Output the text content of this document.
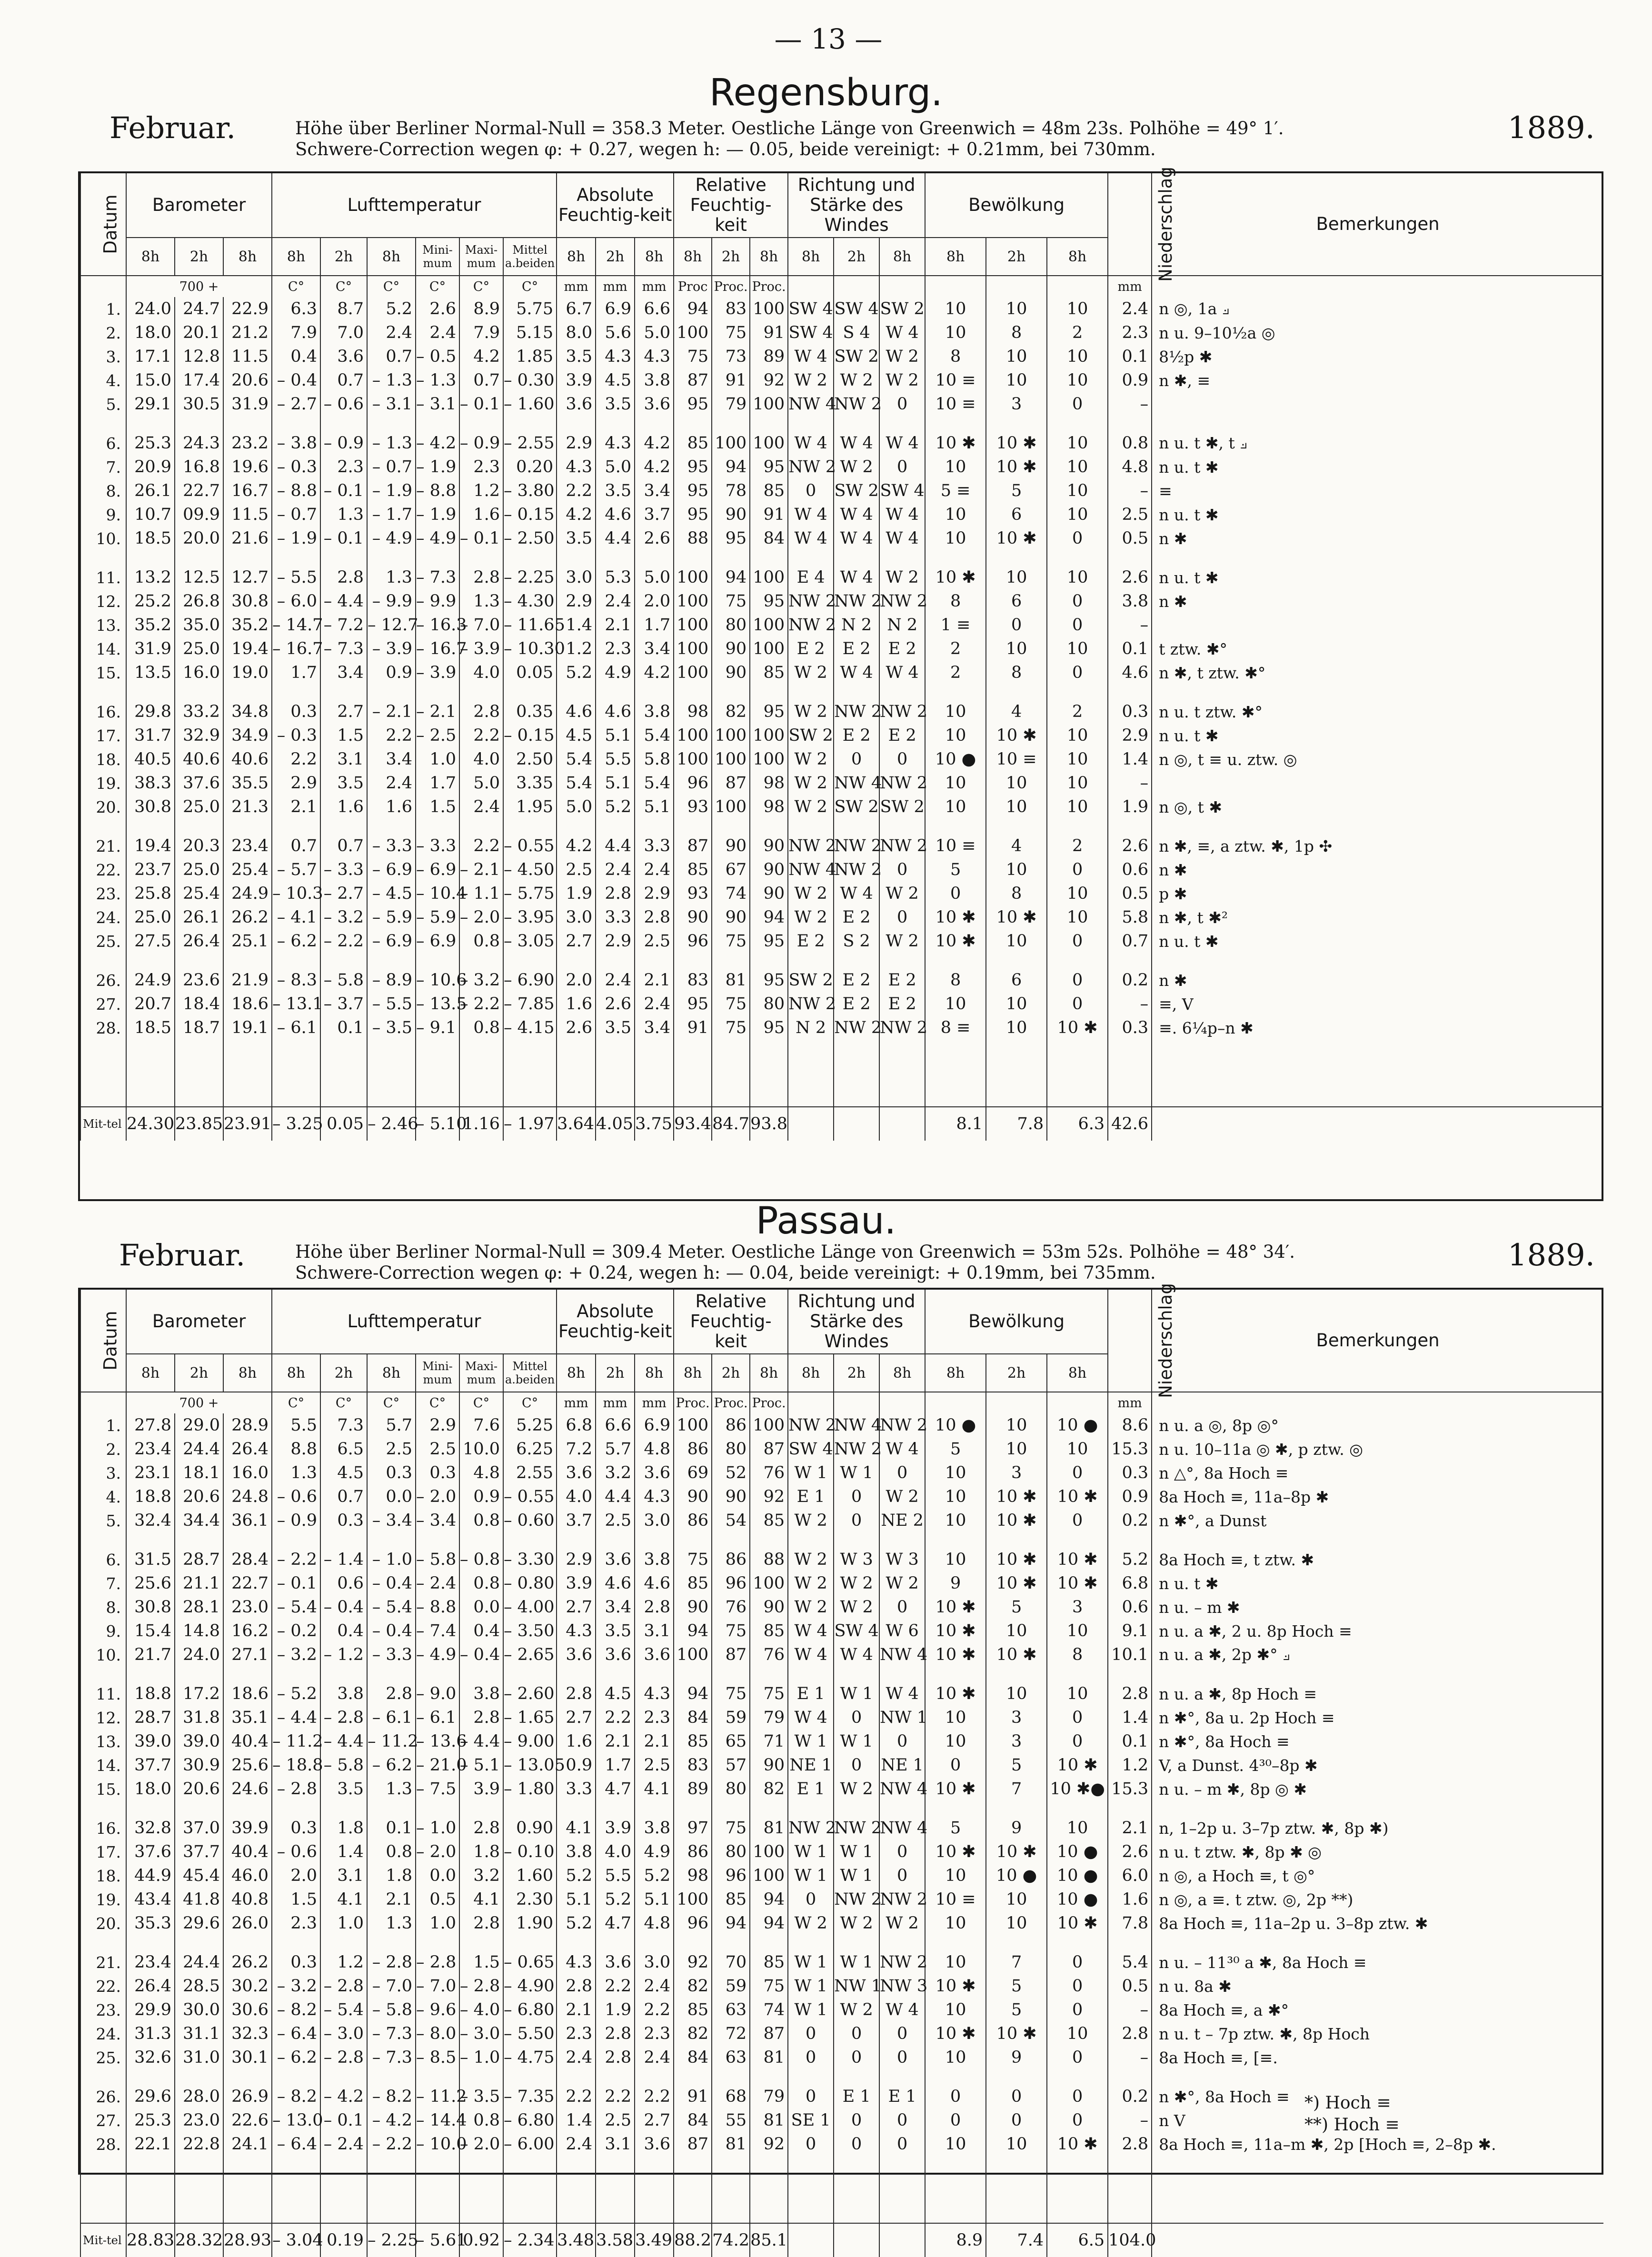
— 13 —
Regensburg.
Februar.	1889.
Höhe über Berliner Normal-Null = 358.3 Meter. Oestliche Länge von Greenwich = 48m 23s. Polhöhe = 49° 1′.
Schwere-Correction wegen φ: + 0.27, wegen h: — 0.05, beide vereinigt: + 0.21mm, bei 730mm.
Datum	Barometer			Lufttemperatur						Absolute Feuchtig-keit			Relative Feuchtig-keit			Richtung und Stärke des Windes			Bewölkung			Niederschlag	Bemerkungen
	8h	2h	8h	8h	2h	8h	Mini-mum	Maxi-mum	Mittel a.beiden	8h	2h	8h	8h	2h	8h	8h	2h	8h	8h	2h	8h		
	700 +			C°	C°	C°	C°	C°	C°	mm	mm	mm	Proc	Proc.	Proc.							mm	
1.	24.0	24.7	22.9	6.3	8.7	5.2	2.6	8.9	5.75	6.7	6.9	6.6	94	83	100	SW 4	SW 4	SW 2	10	10	10	2.4	n ◎, 1a ⟓
2.	18.0	20.1	21.2	7.9	7.0	2.4	2.4	7.9	5.15	8.0	5.6	5.0	100	75	91	SW 4	S 4	W 4	10	8	2	2.3	n u. 9–10½a ◎
3.	17.1	12.8	11.5	0.4	3.6	0.7	– 0.5	4.2	1.85	3.5	4.3	4.3	75	73	89	W 4	SW 2	W 2	8	10	10	0.1	8½p ✱
4.	15.0	17.4	20.6	– 0.4	0.7	– 1.3	– 1.3	0.7	– 0.30	3.9	4.5	3.8	87	91	92	W 2	W 2	W 2	10 ≡	10	10	0.9	n ✱, ≡
5.	29.1	30.5	31.9	– 2.7	– 0.6	– 3.1	– 3.1	– 0.1	– 1.60	3.6	3.5	3.6	95	79	100	NW 4	NW 2	0	10 ≡	3	0	–	

6.	25.3	24.3	23.2	– 3.8	– 0.9	– 1.3	– 4.2	– 0.9	– 2.55	2.9	4.3	4.2	85	100	100	W 4	W 4	W 4	10 ✱	10 ✱	10	0.8	n u. t ✱, t ⟓
7.	20.9	16.8	19.6	– 0.3	2.3	– 0.7	– 1.9	2.3	0.20	4.3	5.0	4.2	95	94	95	NW 2	W 2	0	10	10 ✱	10	4.8	n u. t ✱
8.	26.1	22.7	16.7	– 8.8	– 0.1	– 1.9	– 8.8	1.2	– 3.80	2.2	3.5	3.4	95	78	85	0	SW 2	SW 4	5 ≡	5	10	–	≡
9.	10.7	09.9	11.5	– 0.7	1.3	– 1.7	– 1.9	1.6	– 0.15	4.2	4.6	3.7	95	90	91	W 4	W 4	W 4	10	6	10	2.5	n u. t ✱
10.	18.5	20.0	21.6	– 1.9	– 0.1	– 4.9	– 4.9	– 0.1	– 2.50	3.5	4.4	2.6	88	95	84	W 4	W 4	W 4	10	10 ✱	0	0.5	n ✱

11.	13.2	12.5	12.7	– 5.5	2.8	1.3	– 7.3	2.8	– 2.25	3.0	5.3	5.0	100	94	100	E 4	W 4	W 2	10 ✱	10	10	2.6	n u. t ✱
12.	25.2	26.8	30.8	– 6.0	– 4.4	– 9.9	– 9.9	1.3	– 4.30	2.9	2.4	2.0	100	75	95	NW 2	NW 2	NW 2	8	6	0	3.8	n ✱
13.	35.2	35.0	35.2	– 14.7	– 7.2	– 12.7	– 16.3	– 7.0	– 11.65	1.4	2.1	1.7	100	80	100	NW 2	N 2	N 2	1 ≡	0	0	–	
14.	31.9	25.0	19.4	– 16.7	– 7.3	– 3.9	– 16.7	– 3.9	– 10.30	1.2	2.3	3.4	100	90	100	E 2	E 2	E 2	2	10	10	0.1	t ztw. ✱°
15.	13.5	16.0	19.0	1.7	3.4	0.9	– 3.9	4.0	0.05	5.2	4.9	4.2	100	90	85	W 2	W 4	W 4	2	8	0	4.6	n ✱, t ztw. ✱°

16.	29.8	33.2	34.8	0.3	2.7	– 2.1	– 2.1	2.8	0.35	4.6	4.6	3.8	98	82	95	W 2	NW 2	NW 2	10	4	2	0.3	n u. t ztw. ✱°
17.	31.7	32.9	34.9	– 0.3	1.5	2.2	– 2.5	2.2	– 0.15	4.5	5.1	5.4	100	100	100	SW 2	E 2	E 2	10	10 ✱	10	2.9	n u. t ✱
18.	40.5	40.6	40.6	2.2	3.1	3.4	1.0	4.0	2.50	5.4	5.5	5.8	100	100	100	W 2	0	0	10 ●	10 ≡	10	1.4	n ◎, t ≡ u. ztw. ◎
19.	38.3	37.6	35.5	2.9	3.5	2.4	1.7	5.0	3.35	5.4	5.1	5.4	96	87	98	W 2	NW 4	NW 2	10	10	10	–	
20.	30.8	25.0	21.3	2.1	1.6	1.6	1.5	2.4	1.95	5.0	5.2	5.1	93	100	98	W 2	SW 2	SW 2	10	10	10	1.9	n ◎, t ✱

21.	19.4	20.3	23.4	0.7	0.7	– 3.3	– 3.3	2.2	– 0.55	4.2	4.4	3.3	87	90	90	NW 2	NW 2	NW 2	10 ≡	4	2	2.6	n ✱, ≡, a ztw. ✱, 1p ✣
22.	23.7	25.0	25.4	– 5.7	– 3.3	– 6.9	– 6.9	– 2.1	– 4.50	2.5	2.4	2.4	85	67	90	NW 4	NW 2	0	5	10	0	0.6	n ✱
23.	25.8	25.4	24.9	– 10.3	– 2.7	– 4.5	– 10.4	– 1.1	– 5.75	1.9	2.8	2.9	93	74	90	W 2	W 4	W 2	0	8	10	0.5	p ✱
24.	25.0	26.1	26.2	– 4.1	– 3.2	– 5.9	– 5.9	– 2.0	– 3.95	3.0	3.3	2.8	90	90	94	W 2	E 2	0	10 ✱	10 ✱	10	5.8	n ✱, t ✱²
25.	27.5	26.4	25.1	– 6.2	– 2.2	– 6.9	– 6.9	0.8	– 3.05	2.7	2.9	2.5	96	75	95	E 2	S 2	W 2	10 ✱	10	0	0.7	n u. t ✱

26.	24.9	23.6	21.9	– 8.3	– 5.8	– 8.9	– 10.6	– 3.2	– 6.90	2.0	2.4	2.1	83	81	95	SW 2	E 2	E 2	8	6	0	0.2	n ✱
27.	20.7	18.4	18.6	– 13.1	– 3.7	– 5.5	– 13.5	– 2.2	– 7.85	1.6	2.6	2.4	95	75	80	NW 2	E 2	E 2	10	10	0	–	≡, V
28.	18.5	18.7	19.1	– 6.1	0.1	– 3.5	– 9.1	0.8	– 4.15	2.6	3.5	3.4	91	75	95	N 2	NW 2	NW 2	8 ≡	10	10 ✱	0.3	≡. 6¼p–n ✱

Mit-tel	24.30	23.85	23.91	– 3.25	0.05	– 2.46	– 5.10	1.16	– 1.97	3.64	4.05	3.75	93.4	84.7	93.8				8.1	7.8	6.3	42.6	
Passau.
Februar.	1889.
Höhe über Berliner Normal-Null = 309.4 Meter. Oestliche Länge von Greenwich = 53m 52s. Polhöhe = 48° 34′.
Schwere-Correction wegen φ: + 0.24, wegen h: — 0.04, beide vereinigt: + 0.19mm, bei 735mm.
Datum	Barometer			Lufttemperatur						Absolute Feuchtig-keit			Relative Feuchtig-keit			Richtung und Stärke des Windes			Bewölkung			Niederschlag	Bemerkungen
	8h	2h	8h	8h	2h	8h	Mini-mum	Maxi-mum	Mittel a.beiden	8h	2h	8h	8h	2h	8h	8h	2h	8h	8h	2h	8h		
	700 +			C°	C°	C°	C°	C°	C°	mm	mm	mm	Proc.	Proc.	Proc.							mm	
1.	27.8	29.0	28.9	5.5	7.3	5.7	2.9	7.6	5.25	6.8	6.6	6.9	100	86	100	NW 2	NW 4	NW 2	10 ●	10	10 ●	8.6	n u. a ◎, 8p ◎°
2.	23.4	24.4	26.4	8.8	6.5	2.5	2.5	10.0	6.25	7.2	5.7	4.8	86	80	87	SW 4	NW 2	W 4	5	10	10	15.3	n u. 10–11a ◎ ✱, p ztw. ◎
3.	23.1	18.1	16.0	1.3	4.5	0.3	0.3	4.8	2.55	3.6	3.2	3.6	69	52	76	W 1	W 1	0	10	3	0	0.3	n △°, 8a Hoch ≡
4.	18.8	20.6	24.8	– 0.6	0.7	0.0	– 2.0	0.9	– 0.55	4.0	4.4	4.3	90	90	92	E 1	0	W 2	10	10 ✱	10 ✱	0.9	8a Hoch ≡, 11a–8p ✱
5.	32.4	34.4	36.1	– 0.9	0.3	– 3.4	– 3.4	0.8	– 0.60	3.7	2.5	3.0	86	54	85	W 2	0	NE 2	10	10 ✱	0	0.2	n ✱°, a Dunst

6.	31.5	28.7	28.4	– 2.2	– 1.4	– 1.0	– 5.8	– 0.8	– 3.30	2.9	3.6	3.8	75	86	88	W 2	W 3	W 3	10	10 ✱	10 ✱	5.2	8a Hoch ≡, t ztw. ✱
7.	25.6	21.1	22.7	– 0.1	0.6	– 0.4	– 2.4	0.8	– 0.80	3.9	4.6	4.6	85	96	100	W 2	W 2	W 2	9	10 ✱	10 ✱	6.8	n u. t ✱
8.	30.8	28.1	23.0	– 5.4	– 0.4	– 5.4	– 8.8	0.0	– 4.00	2.7	3.4	2.8	90	76	90	W 2	W 2	0	10 ✱	5	3	0.6	n u. – m ✱
9.	15.4	14.8	16.2	– 0.2	0.4	– 0.4	– 7.4	0.4	– 3.50	4.3	3.5	3.1	94	75	85	W 4	SW 4	W 6	10 ✱	10	10	9.1	n u. a ✱, 2 u. 8p Hoch ≡
10.	21.7	24.0	27.1	– 3.2	– 1.2	– 3.3	– 4.9	– 0.4	– 2.65	3.6	3.6	3.6	100	87	76	W 4	W 4	NW 4	10 ✱	10 ✱	8	10.1	n u. a ✱, 2p ✱° ⟓

11.	18.8	17.2	18.6	– 5.2	3.8	2.8	– 9.0	3.8	– 2.60	2.8	4.5	4.3	94	75	75	E 1	W 1	W 4	10 ✱	10	10	2.8	n u. a ✱, 8p Hoch ≡
12.	28.7	31.8	35.1	– 4.4	– 2.8	– 6.1	– 6.1	2.8	– 1.65	2.7	2.2	2.3	84	59	79	W 4	0	NW 1	10	3	0	1.4	n ✱°, 8a u. 2p Hoch ≡
13.	39.0	39.0	40.4	– 11.2	– 4.4	– 11.2	– 13.6	– 4.4	– 9.00	1.6	2.1	2.1	85	65	71	W 1	W 1	0	10	3	0	0.1	n ✱°, 8a Hoch ≡
14.	37.7	30.9	25.6	– 18.8	– 5.8	– 6.2	– 21.0	– 5.1	– 13.05	0.9	1.7	2.5	83	57	90	NE 1	0	NE 1	0	5	10 ✱	1.2	V, a Dunst. 4³⁰–8p ✱
15.	18.0	20.6	24.6	– 2.8	3.5	1.3	– 7.5	3.9	– 1.80	3.3	4.7	4.1	89	80	82	E 1	W 2	NW 4	10 ✱	7	10 ✱●	15.3	n u. – m ✱, 8p ◎ ✱

16.	32.8	37.0	39.9	0.3	1.8	0.1	– 1.0	2.8	0.90	4.1	3.9	3.8	97	75	81	NW 2	NW 2	NW 4	5	9	10	2.1	n, 1–2p u. 3–7p ztw. ✱, 8p ✱)
17.	37.6	37.7	40.4	– 0.6	1.4	0.8	– 2.0	1.8	– 0.10	3.8	4.0	4.9	86	80	100	W 1	W 1	0	10 ✱	10 ✱	10 ●	2.6	n u. t ztw. ✱, 8p ✱ ◎
18.	44.9	45.4	46.0	2.0	3.1	1.8	0.0	3.2	1.60	5.2	5.5	5.2	98	96	100	W 1	W 1	0	10	10 ●	10 ●	6.0	n ◎, a Hoch ≡, t ◎°
19.	43.4	41.8	40.8	1.5	4.1	2.1	0.5	4.1	2.30	5.1	5.2	5.1	100	85	94	0	NW 2	NW 2	10 ≡	10	10 ●	1.6	n ◎, a ≡. t ztw. ◎, 2p **)
20.	35.3	29.6	26.0	2.3	1.0	1.3	1.0	2.8	1.90	5.2	4.7	4.8	96	94	94	W 2	W 2	W 2	10	10	10 ✱	7.8	8a Hoch ≡, 11a–2p u. 3–8p ztw. ✱

21.	23.4	24.4	26.2	0.3	1.2	– 2.8	– 2.8	1.5	– 0.65	4.3	3.6	3.0	92	70	85	W 1	W 1	NW 2	10	7	0	5.4	n u. – 11³⁰ a ✱, 8a Hoch ≡
22.	26.4	28.5	30.2	– 3.2	– 2.8	– 7.0	– 7.0	– 2.8	– 4.90	2.8	2.2	2.4	82	59	75	W 1	NW 1	NW 3	10 ✱	5	0	0.5	n u. 8a ✱
23.	29.9	30.0	30.6	– 8.2	– 5.4	– 5.8	– 9.6	– 4.0	– 6.80	2.1	1.9	2.2	85	63	74	W 1	W 2	W 4	10	5	0	–	8a Hoch ≡, a ✱°
24.	31.3	31.1	32.3	– 6.4	– 3.0	– 7.3	– 8.0	– 3.0	– 5.50	2.3	2.8	2.3	82	72	87	0	0	0	10 ✱	10 ✱	10	2.8	n u. t – 7p ztw. ✱, 8p Hoch
25.	32.6	31.0	30.1	– 6.2	– 2.8	– 7.3	– 8.5	– 1.0	– 4.75	2.4	2.8	2.4	84	63	81	0	0	0	10	9	0	–	8a Hoch ≡, [≡.

26.	29.6	28.0	26.9	– 8.2	– 4.2	– 8.2	– 11.2	– 3.5	– 7.35	2.2	2.2	2.2	91	68	79	0	E 1	E 1	0	0	0	0.2	n ✱°, 8a Hoch ≡
27.	25.3	23.0	22.6	– 13.0	– 0.1	– 4.2	– 14.4	0.8	– 6.80	1.4	2.5	2.7	84	55	81	SE 1	0	0	0	0	0	–	n V
28.	22.1	22.8	24.1	– 6.4	– 2.4	– 2.2	– 10.0	– 2.0	– 6.00	2.4	3.1	3.6	87	81	92	0	0	0	10	10	10 ✱	2.8	8a Hoch ≡, 11a–m ✱, 2p [Hoch ≡, 2–8p ✱.

Mit-tel	28.83	28.32	28.93	– 3.04	0.19	– 2.25	– 5.61	0.92	– 2.34	3.48	3.58	3.49	88.2	74.2	85.1				8.9	7.4	6.5	104.0	
*) Hoch ≡
**) Hoch ≡
